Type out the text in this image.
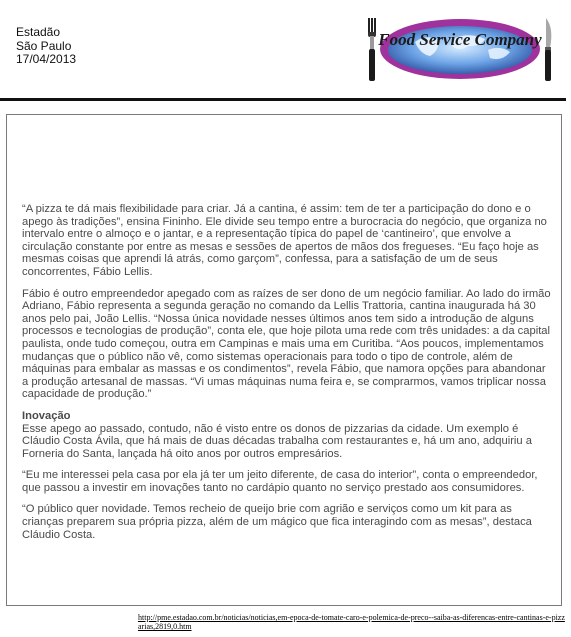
Estadão
São Paulo
17/04/2013
Food Service Company

“A pizza te dá mais flexibilidade para criar. Já a cantina, é assim: tem de ter a participação do dono e o apego às tradições”, ensina Fininho. Ele divide seu tempo entre a burocracia do negócio, que organiza no intervalo entre o almoço e o jantar, e a representação típica do papel de ‘cantineiro’, que envolve a circulação constante por entre as mesas e sessões de apertos de mãos dos fregueses. “Eu faço hoje as mesmas coisas que aprendi lá atrás, como garçom”, confessa, para a satisfação de um de seus concorrentes, Fábio Lellis.

Fábio é outro empreendedor apegado com as raízes de ser dono de um negócio familiar. Ao lado do irmão Adriano, Fábio representa a segunda geração no comando da Lellis Trattoria, cantina inaugurada há 30 anos pelo pai, João Lellis. “Nossa única novidade nesses últimos anos tem sido a introdução de alguns processos e tecnologias de produção”, conta ele, que hoje pilota uma rede com três unidades: a da capital paulista, onde tudo começou, outra em Campinas e mais uma em Curitiba. “Aos poucos, implementamos mudanças que o público não vê, como sistemas operacionais para todo o tipo de controle, além de máquinas para embalar as massas e os condimentos”, revela Fábio, que namora opções para abandonar a produção artesanal de massas. “Vi umas máquinas numa feira e, se comprarmos, vamos triplicar nossa capacidade de produção.”

Inovação

Esse apego ao passado, contudo, não é visto entre os donos de pizzarias da cidade. Um exemplo é Cláudio Costa Ávila, que há mais de duas décadas trabalha com restaurantes e, há um ano, adquiriu a Forneria do Santa, lançada há oito anos por outros empresários.

“Eu me interessei pela casa por ela já ter um jeito diferente, de casa do interior”, conta o empreendedor, que passou a investir em inovações tanto no cardápio quanto no serviço prestado aos consumidores.

“O público quer novidade. Temos recheio de queijo brie com agrião e serviços como um kit para as crianças preparem sua própria pizza, além de um mágico que fica interagindo com as mesas”, destaca Cláudio Costa.

http://pme.estadao.com.br/noticias/noticias,em-epoca-de-tomate-caro-e-polemica-de-preco--saiba-as-diferencas-entre-cantinas-e-pizzarias,2819,0.htm
